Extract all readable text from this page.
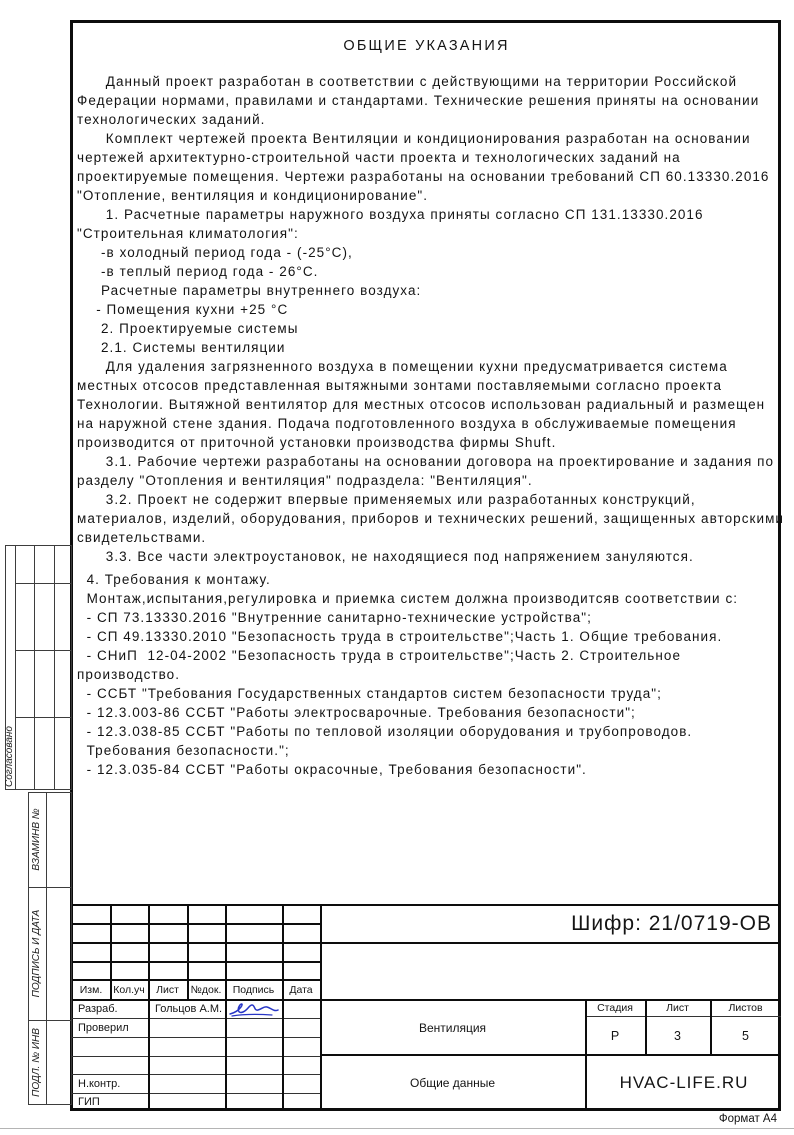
ОБЩИЕ УКАЗАНИЯ
Данный проект разработан в соответствии с действующими на территории Российской
Федерации нормами, правилами и стандартами. Технические решения приняты на основании
технологических заданий.
Комплект чертежей проекта Вентиляции и кондиционирования разработан на основании
чертежей архитектурно-строительной части проекта и технологических заданий на
проектируемые помещения. Чертежи разработаны на основании требований СП 60.13330.2016
"Отопление, вентиляция и кондиционирование".
1. Расчетные параметры наружного воздуха приняты согласно СП 131.13330.2016
"Строительная климатология":
-в холодный период года - (-25°С),
-в теплый период года - 26°С.
Расчетные параметры внутреннего воздуха:
- Помещения кухни +25 °С
2. Проектируемые системы
2.1. Системы вентиляции
Для удаления загрязненного воздуха в помещении кухни предусматривается система
местных отсосов представленная вытяжными зонтами поставляемыми согласно проекта
Технологии. Вытяжной вентилятор для местных отсосов использован радиальный и размещен
на наружной стене здания. Подача подготовленного воздуха в обслуживаемые помещения
производится от приточной установки производства фирмы Shuft.
3.1. Рабочие чертежи разработаны на основании договора на проектирование и задания по
разделу "Отопления и вентиляция" подраздела: "Вентиляция".
3.2. Проект не содержит впервые применяемых или разработанных конструкций,
материалов, изделий, оборудования, приборов и технических решений, защищенных авторскими
свидетельствами.
3.3. Все части электроустановок, не находящиеся под напряжением зануляются.
4. Требования к монтажу.
Монтаж,испытания,регулировка и приемка систем должна производитсяв соответствии с:
- СП 73.13330.2016 "Внутренние санитарно-технические устройства";
- СП 49.13330.2010 "Безопасность труда в строительстве";Часть 1. Общие требования.
- СНиП  12-04-2002 "Безопасность труда в строительстве";Часть 2. Строительное
производство.
- ССБТ "Требования Государственных стандартов систем безопасности труда";
- 12.3.003-86 ССБТ "Работы электросварочные. Требования безопасности";
- 12.3.038-85 ССБТ "Работы по тепловой изоляции оборудования и трубопроводов.
Требования безопасности.";
- 12.3.035-84 ССБТ "Работы окрасочные, Требования безопасности".
Согласовано
ВЗАМИНВ №
ПОДПИСЬ И ДАТА
ПОДЛ. № ИНВ
Изм.	Кол.уч	Лист	№док.	Подпись	Дата
Разраб.	Гольцов А.М.
Проверил
Н.контр.
ГИП
Шифр: 21/0719-ОВ
Вентиляция
Общие данные
Стадия	Лист	Листов
Р	3	5
HVAC-LIFE.RU
Формат А4
